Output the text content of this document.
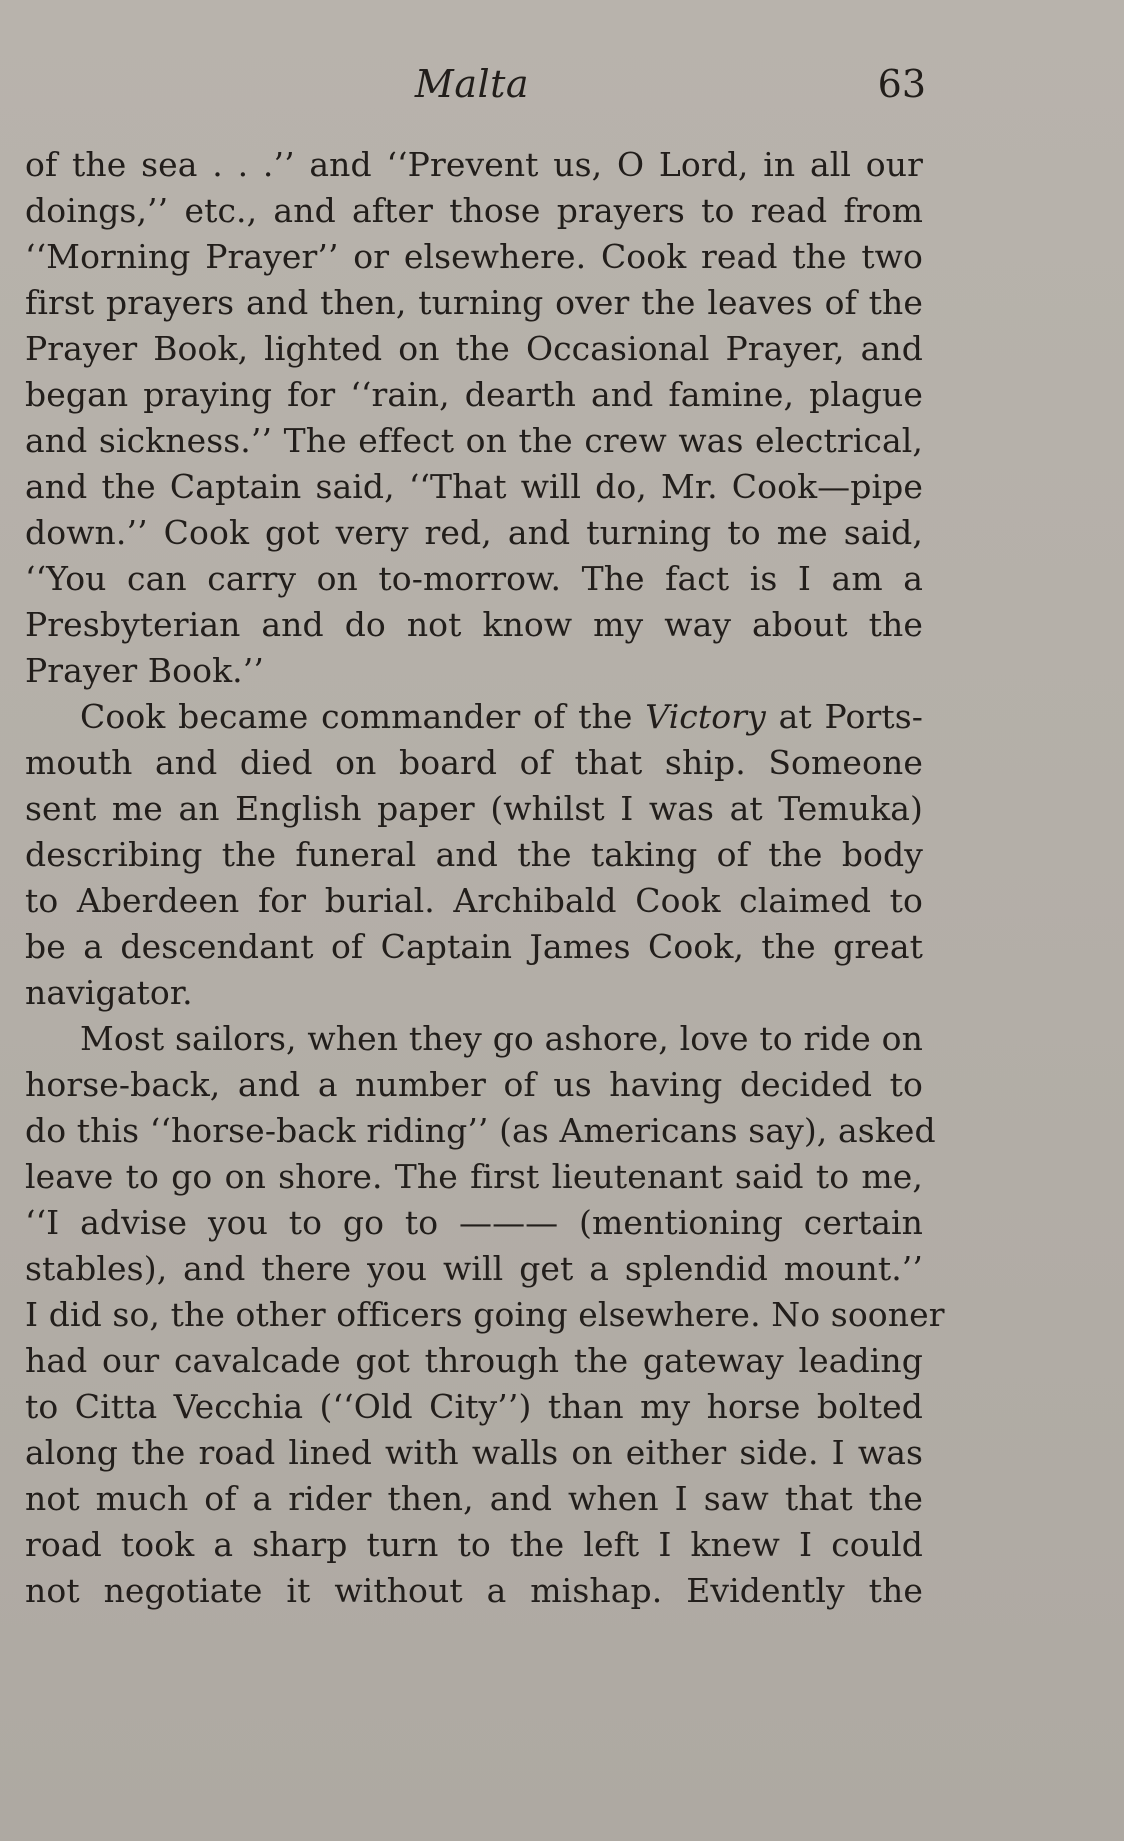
Malta	63
of the sea . . .’’ and ‘‘Prevent us, O Lord, in all our
doings,’’ etc., and after those prayers to read from
‘‘Morning Prayer’’ or elsewhere. Cook read the two
first prayers and then, turning over the leaves of the
Prayer Book, lighted on the Occasional Prayer, and
began praying for ‘‘rain, dearth and famine, plague
and sickness.’’ The effect on the crew was electrical,
and the Captain said, ‘‘That will do, Mr. Cook—pipe
down.’’ Cook got very red, and turning to me said,
‘‘You can carry on to-morrow. The fact is I am a
Presbyterian and do not know my way about the
Prayer Book.’’
Cook became commander of the Victory at Ports-
mouth and died on board of that ship. Someone
sent me an English paper (whilst I was at Temuka)
describing the funeral and the taking of the body
to Aberdeen for burial. Archibald Cook claimed to
be a descendant of Captain James Cook, the great
navigator.
Most sailors, when they go ashore, love to ride on
horse-back, and a number of us having decided to
do this ‘‘horse-back riding’’ (as Americans say), asked
leave to go on shore. The first lieutenant said to me,
‘‘I advise you to go to ——— (mentioning certain
stables), and there you will get a splendid mount.’’
I did so, the other officers going elsewhere. No sooner
had our cavalcade got through the gateway leading
to Citta Vecchia (‘‘Old City’’) than my horse bolted
along the road lined with walls on either side. I was
not much of a rider then, and when I saw that the
road took a sharp turn to the left I knew I could
not negotiate it without a mishap. Evidently the
